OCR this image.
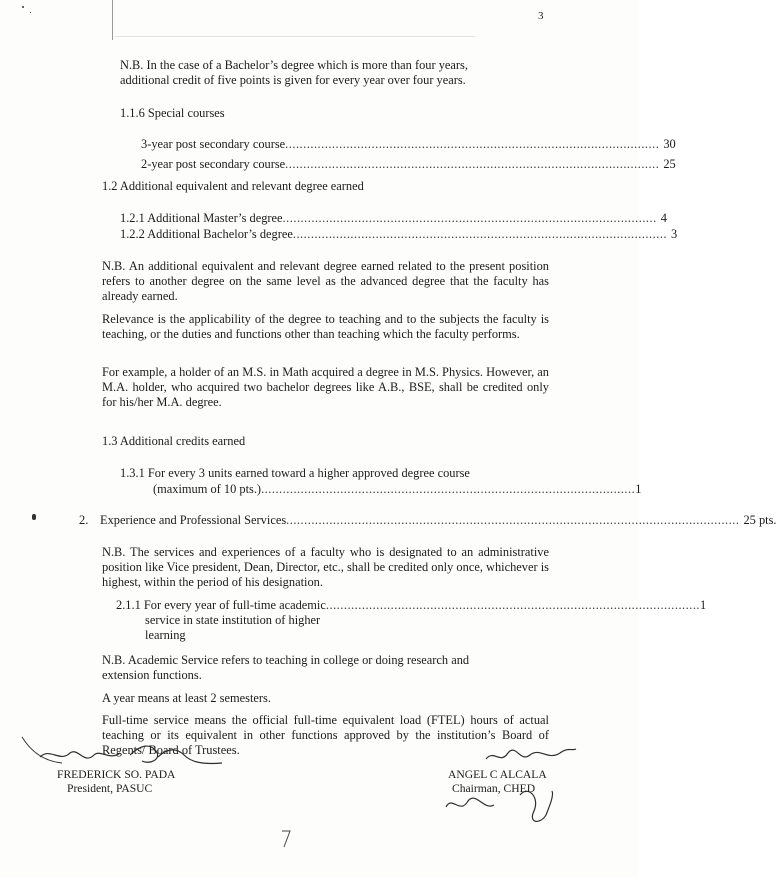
3
N.B. In the case of a Bachelor’s degree which is more than four years, additional credit of five points is given for every year over four years.
1.1.6 Special courses
3-year post secondary course ........................................................................................................ 30
2-year post secondary course ........................................................................................................ 25
1.2 Additional equivalent and relevant degree earned
1.2.1 Additional Master’s degree ........................................................................................................ 4
1.2.2 Additional Bachelor’s degree ........................................................................................................ 3
N.B. An additional equivalent and relevant degree earned related to the present position refers to another degree on the same level as the advanced degree that the faculty has already earned.
Relevance is the applicability of the degree to teaching and to the subjects the faculty is teaching, or the duties and functions other than teaching which the faculty performs.
For example, a holder of an M.S. in Math acquired a degree in M.S. Physics. However, an M.A. holder, who acquired two bachelor degrees like A.B., BSE, shall be credited only for his/her M.A. degree.
1.3 Additional credits earned
1.3.1 For every 3 units earned toward a higher approved degree course
(maximum of 10 pts.) ........................................................................................................ 1
2. Experience and Professional Services .............................................................................................................................. 25 pts.
N.B. The services and experiences of a faculty who is designated to an administrative position like Vice president, Dean, Director, etc., shall be credited only once, whichever is highest, within the period of his designation.
2.1.1 For every year of full-time academic ........................................................................................................ 1
service in state institution of higher
learning
N.B. Academic Service refers to teaching in college or doing research and extension functions.
A year means at least 2 semesters.
Full-time service means the official full-time equivalent load (FTEL) hours of actual teaching or its equivalent in other functions approved by the institution’s Board of Regents/ Board of Trustees.
FREDERICK SO. PADA
President, PASUC
ANGEL C ALCALA
Chairman, CHED
